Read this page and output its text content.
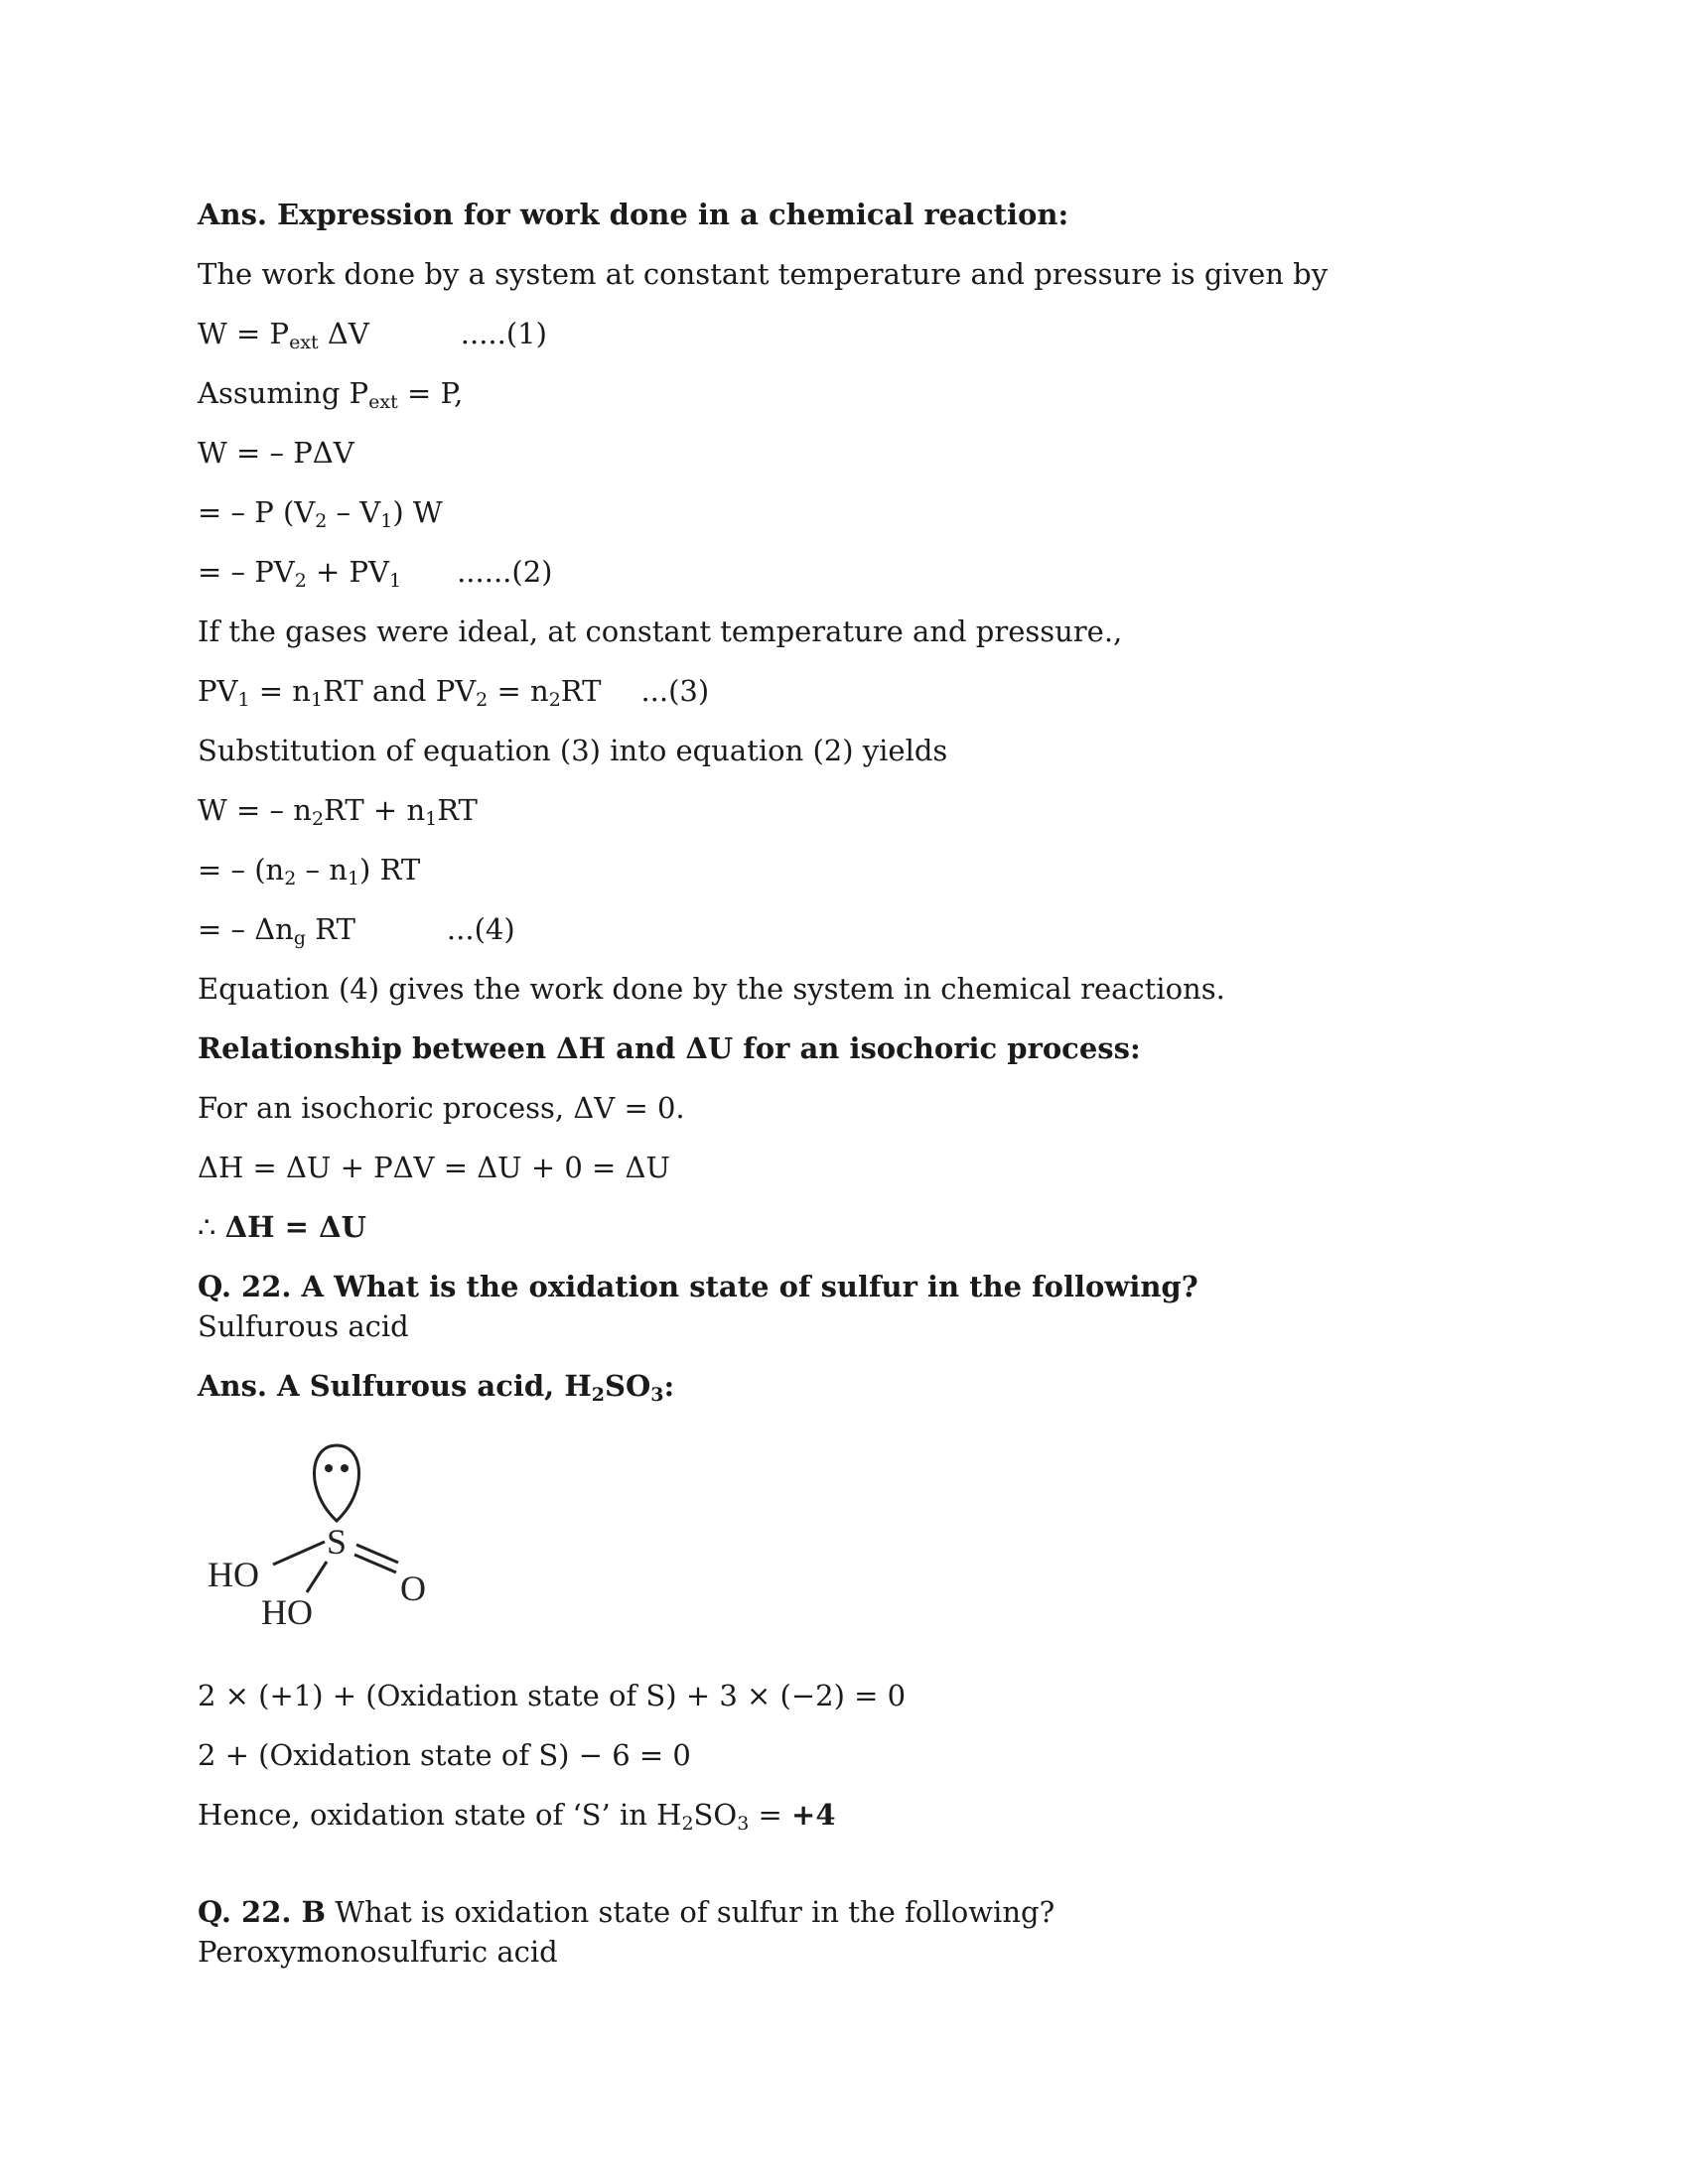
Ans. Expression for work done in a chemical reaction:
The work done by a system at constant temperature and pressure is given by
$W = P_{ext}$ ΔV	.....(1)
Assuming $P_{ext} = P$,
W = – PΔV
= – P $(V_2 - V_1)$ W
= – $PV_2 + PV_1$ ......(2)
If the gases were ideal, at constant temperature and pressure.,
$PV_1 = n_1RT$ and $PV_2 = n_2RT$ ...(3)
Substitution of equation (3) into equation (2) yields
W = – $n_2RT + n_1RT$
= – $(n_2 - n_1)$ RT
= – $\Delta n_g$ RT	...(4)
Equation (4) gives the work done by the system in chemical reactions.
Relationship between ΔH and ΔU for an isochoric process:
For an isochoric process, ΔV = 0.
ΔH = ΔU + PΔV = ΔU + 0 = ΔU
∴ ΔH = ΔU
Q. 22. A What is the oxidation state of sulfur in the following?
Sulfurous acid
Ans. A Sulfurous acid, $H_2SO_3$:
S
HO
HO
O
2 × (+1) + (Oxidation state of S) + 3 × (−2) = 0
2 + (Oxidation state of S) − 6 = 0
Hence, oxidation state of ‘S’ in $H_2SO_3 = +4$
Q. 22. B What is oxidation state of sulfur in the following?
Peroxymonosulfuric acid
